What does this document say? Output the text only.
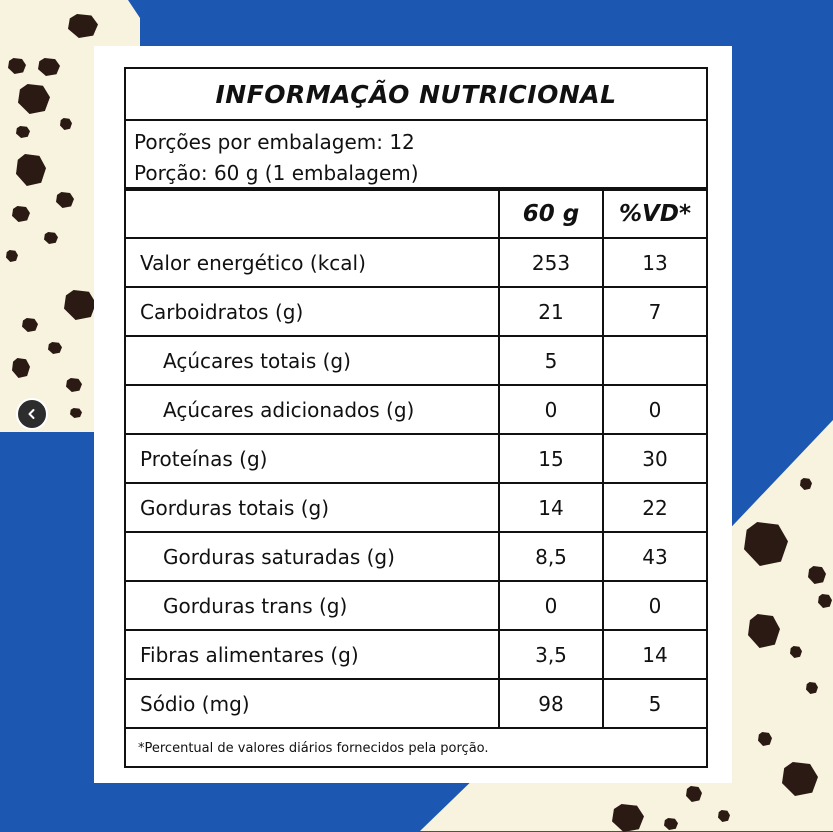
INFORMAÇÃO NUTRICIONAL
Porções por embalagem: 12
Porção: 60 g (1 embalagem)
60 g	%VD*
Valor energético (kcal)	253	13
Carboidratos (g)	21	7
Açúcares totais (g)	5
Açúcares adicionados (g)	0	0
Proteínas (g)	15	30
Gorduras totais (g)	14	22
Gorduras saturadas (g)	8,5	43
Gorduras trans (g)	0	0
Fibras alimentares (g)	3,5	14
Sódio (mg)	98	5
*Percentual de valores diários fornecidos pela porção.
